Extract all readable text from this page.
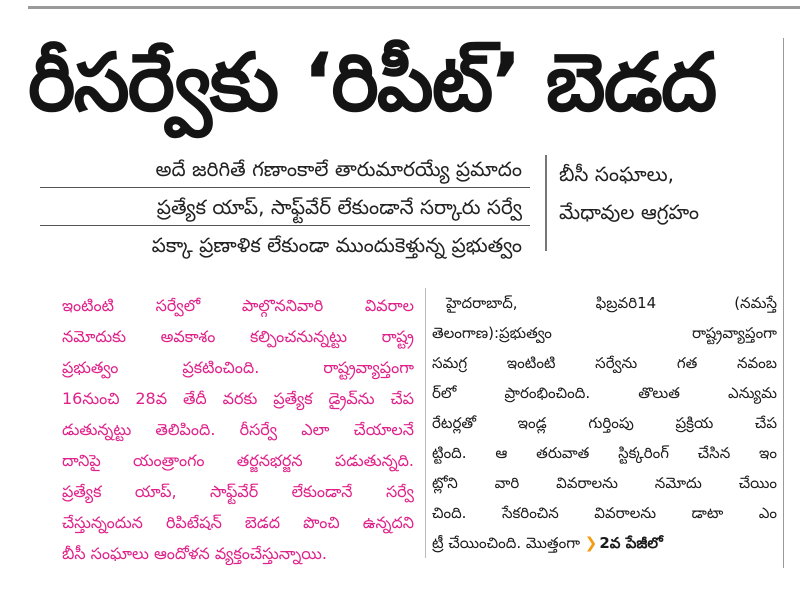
రీసర్వేకు ‘రిపీట్’ బెడద
అదే జరిగితే గణాంకాలే తారుమారయ్యే ప్రమాదం
ప్రత్యేక యాప్, సాఫ్ట్‌వేర్ లేకుండానే సర్కారు సర్వే
పక్కా ప్రణాళిక లేకుండా ముందుకెళ్తున్న ప్రభుత్వం
బీసీ సంఘాలు,
మేధావుల ఆగ్రహం
ఇంటింటి సర్వేలో పాల్గొననివారి వివరాల
నమోదుకు అవకాశం కల్పించనున్నట్టు రాష్ట్ర
ప్రభుత్వం ప్రకటించింది. రాష్ట్రవ్యాప్తంగా
16నుంచి 28వ తేదీ వరకు ప్రత్యేక డ్రైవ్‌ను చేప
డుతున్నట్టు తెలిపింది. రీసర్వే ఎలా చేయాలనే
దానిపై యంత్రాంగం తర్జనభర్జన పడుతున్నది.
ప్రత్యేక యాప్, సాఫ్ట్‌వేర్ లేకుండానే సర్వే
చేస్తున్నందున రిపిటేషన్ బెడద పొంచి ఉన్నదని
బీసీ సంఘాలు ఆందోళన వ్యక్తంచేస్తున్నాయి.
హైదరాబాద్, ఫిబ్రవరి14 (నమస్తే
తెలంగాణ):ప్రభుత్వం రాష్ట్రవ్యాప్తంగా
సమగ్ర ఇంటింటి సర్వేను గత నవంబ
ర్‌లో ప్రారంభించింది. తొలుత ఎన్యుమ
రేటర్లతో ఇండ్ల గుర్తింపు ప్రక్రియ చేప
ట్టింది. ఆ తరువాత స్టిక్కరింగ్ చేసిన ఇం
ట్లోని వారి వివరాలను నమోదు చేయిం
చింది. సేకరించిన వివరాలను డాటా ఎం
ట్రీ చేయించింది. మొత్తంగా ❯ 2వ పేజీలో
